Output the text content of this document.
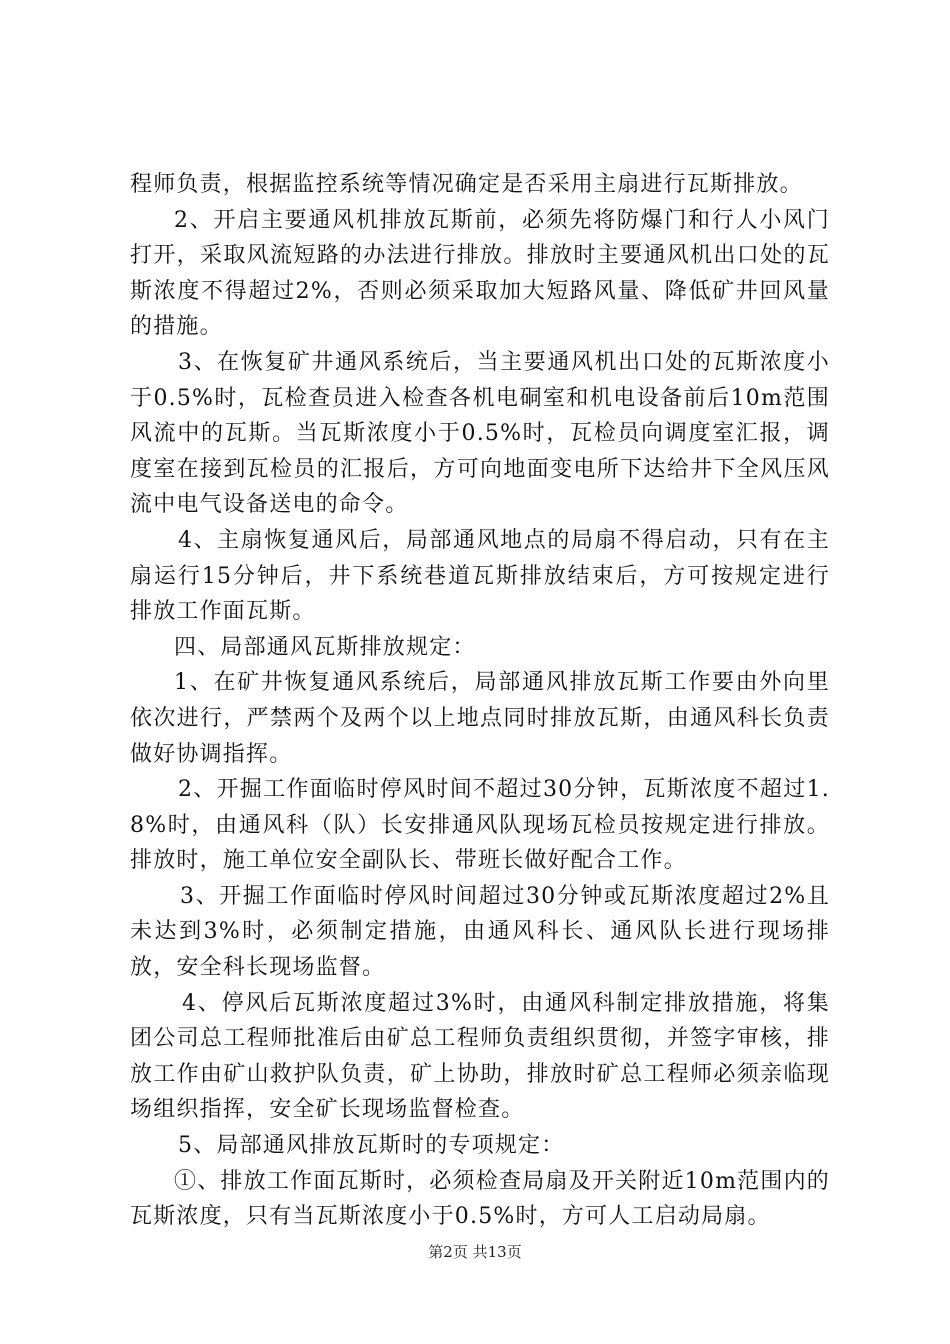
程师负责，根据监控系统等情况确定是否采用主扇进行瓦斯排放。

2、开启主要通风机排放瓦斯前，必须先将防爆门和行人小风门打开，采取风流短路的办法进行排放。排放时主要通风机出口处的瓦斯浓度不得超过2%，否则必须采取加大短路风量、降低矿井回风量的措施。

3、在恢复矿井通风系统后，当主要通风机出口处的瓦斯浓度小于0.5%时，瓦检查员进入检查各机电硐室和机电设备前后10m范围风流中的瓦斯。当瓦斯浓度小于0.5%时，瓦检员向调度室汇报，调度室在接到瓦检员的汇报后，方可向地面变电所下达给井下全风压风流中电气设备送电的命令。

4、主扇恢复通风后，局部通风地点的局扇不得启动，只有在主扇运行15分钟后，井下系统巷道瓦斯排放结束后，方可按规定进行排放工作面瓦斯。

四、局部通风瓦斯排放规定：

1、在矿井恢复通风系统后，局部通风排放瓦斯工作要由外向里依次进行，严禁两个及两个以上地点同时排放瓦斯，由通风科长负责做好协调指挥。

2、开掘工作面临时停风时间不超过30分钟，瓦斯浓度不超过1.8%时，由通风科（队）长安排通风队现场瓦检员按规定进行排放。排放时，施工单位安全副队长、带班长做好配合工作。

3、开掘工作面临时停风时间超过30分钟或瓦斯浓度超过2%且未达到3%时，必须制定措施，由通风科长、通风队长进行现场排放，安全科长现场监督。

4、停风后瓦斯浓度超过3%时，由通风科制定排放措施，将集团公司总工程师批准后由矿总工程师负责组织贯彻，并签字审核，排放工作由矿山救护队负责，矿上协助，排放时矿总工程师必须亲临现场组织指挥，安全矿长现场监督检查。

5、局部通风排放瓦斯时的专项规定：

①、排放工作面瓦斯时，必须检查局扇及开关附近10m范围内的瓦斯浓度，只有当瓦斯浓度小于0.5%时，方可人工启动局扇。

第2页 共13页
